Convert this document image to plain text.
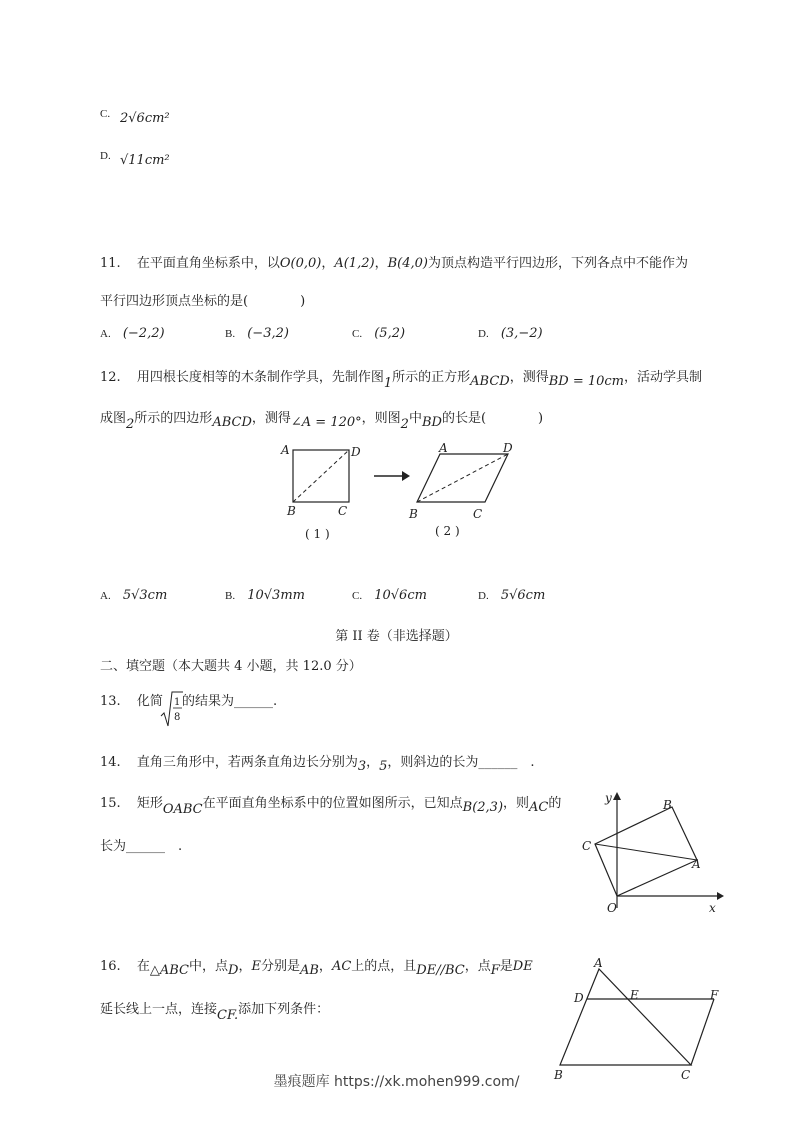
C. 2√6cm²
D. √11cm²
11. 在平面直角坐标系中，以O(0,0)，A(1,2)，B(4,0)为顶点构造平行四边形，下列各点中不能作为
平行四边形顶点坐标的是(　　　　)
A. (−2,2)	B. (−3,2)	C. (5,2)	D. (3,−2)
12. 用四根长度相等的木条制作学具，先制作图1所示的正方形ABCD，测得BD = 10cm，活动学具制
成图2所示的四边形ABCD，测得∠A = 120°，则图2中BD的长是(　　　　)
A	D
B	C
( 1 )
A	D
B	C
( 2 )
A. 5√3cm	B. 10√3mm	C. 10√6cm	D. 5√6cm
第 II 卷（非选择题）
二、填空题（本大题共 4 小题，共 12.0 分）
13. 化简 1
8
的结果为______.
14. 直角三角形中，若两条直角边长分别为3，5，则斜边的长为______　.
15. 矩形OABC在平面直角坐标系中的位置如图所示，已知点B(2,3)，则AC的
长为______　.
y
x
O
A
B
C
16. 在△ABC中，点D，E分别是AB，AC上的点，且DE//BC，点F是DE
延长线上一点，连接CF.添加下列条件：
A
D	E	F
B	C
墨痕题库 https://xk.mohen999.com/
